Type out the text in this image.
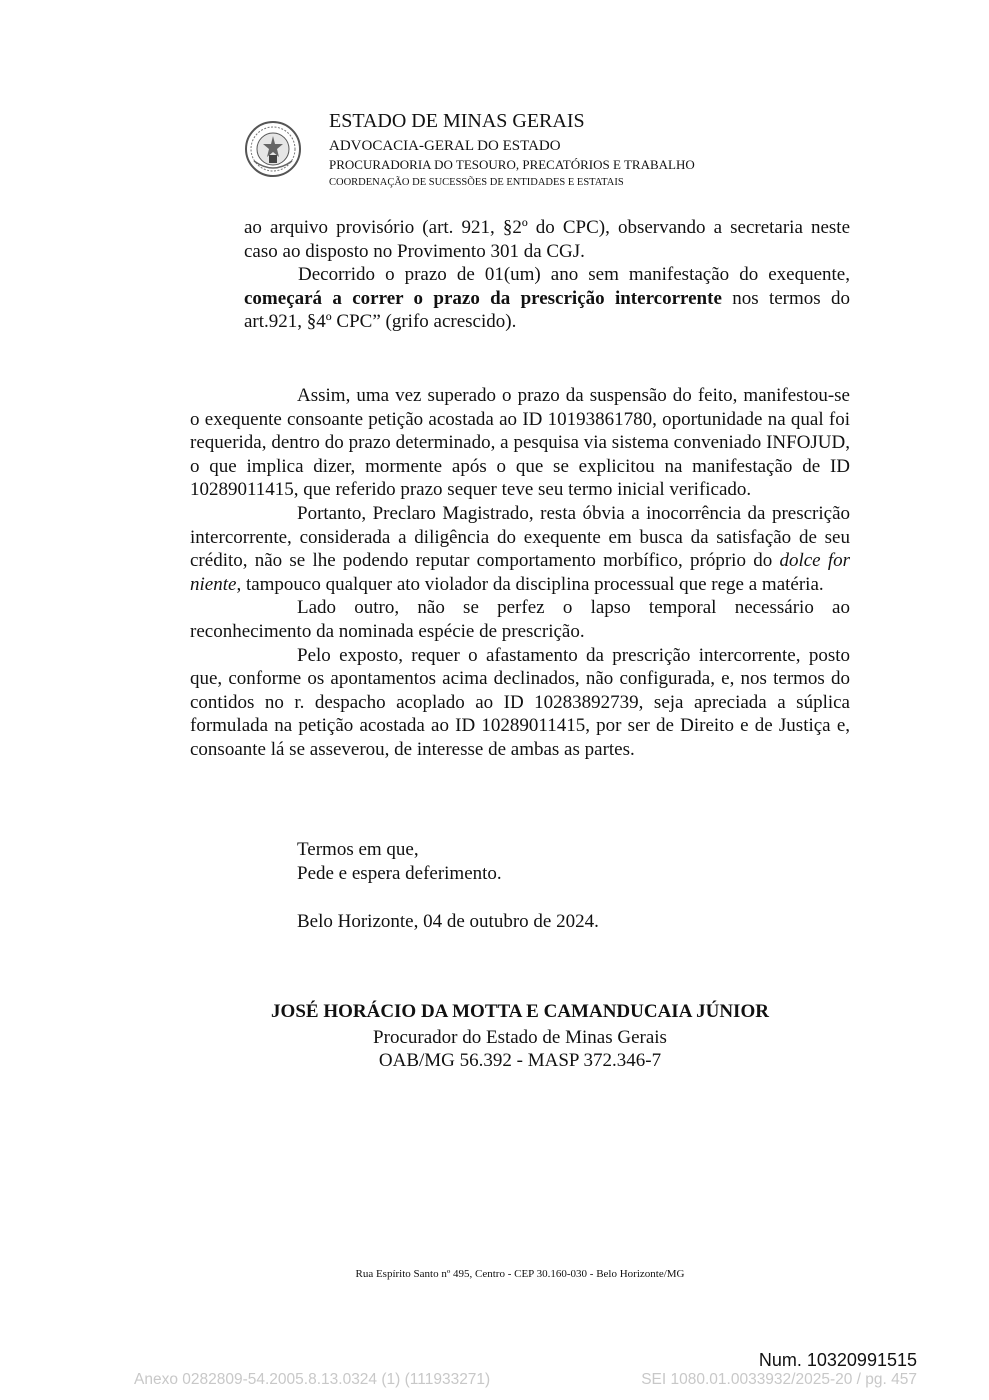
ESTADO DE MINAS GERAIS
ADVOCACIA-GERAL DO ESTADO
PROCURADORIA DO TESOURO, PRECATÓRIOS E TRABALHO
COORDENAÇÃO DE SUCESSÕES DE ENTIDADES E ESTATAIS

ao arquivo provisório (art. 921, §2º do CPC), observando a secretaria neste caso ao disposto no Provimento 301 da CGJ.

Decorrido o prazo de 01(um) ano sem manifestação do exequente, começará a correr o prazo da prescrição intercorrente nos termos do art.921, §4º CPC” (grifo acrescido).

Assim, uma vez superado o prazo da suspensão do feito, manifestou-se o exequente consoante petição acostada ao ID 10193861780, oportunidade na qual foi requerida, dentro do prazo determinado, a pesquisa via sistema conveniado INFOJUD, o que implica dizer, mormente após o que se explicitou na manifestação de ID 10289011415, que referido prazo sequer teve seu termo inicial verificado.

Portanto, Preclaro Magistrado, resta óbvia a inocorrência da prescrição intercorrente, considerada a diligência do exequente em busca da satisfação de seu crédito, não se lhe podendo reputar comportamento morbífico, próprio do dolce for niente, tampouco qualquer ato violador da disciplina processual que rege a matéria.

Lado outro, não se perfez o lapso temporal necessário ao reconhecimento da nominada espécie de prescrição.

Pelo exposto, requer o afastamento da prescrição intercorrente, posto que, conforme os apontamentos acima declinados, não configurada, e, nos termos do contidos no r. despacho acoplado ao ID 10283892739, seja apreciada a súplica formulada na petição acostada ao ID 10289011415, por ser de Direito e de Justiça e, consoante lá se asseverou, de interesse de ambas as partes.

Termos em que,
Pede e espera deferimento.
Belo Horizonte, 04 de outubro de 2024.
JOSÉ HORÁCIO DA MOTTA E CAMANDUCAIA JÚNIOR
Procurador do Estado de Minas Gerais
OAB/MG 56.392 - MASP 372.346-7
Rua Espírito Santo nº 495, Centro - CEP 30.160-030 - Belo Horizonte/MG
Num. 10320991515
Anexo 0282809-54.2005.8.13.0324 (1) (111933271)	SEI 1080.01.0033932/2025-20 / pg. 457
